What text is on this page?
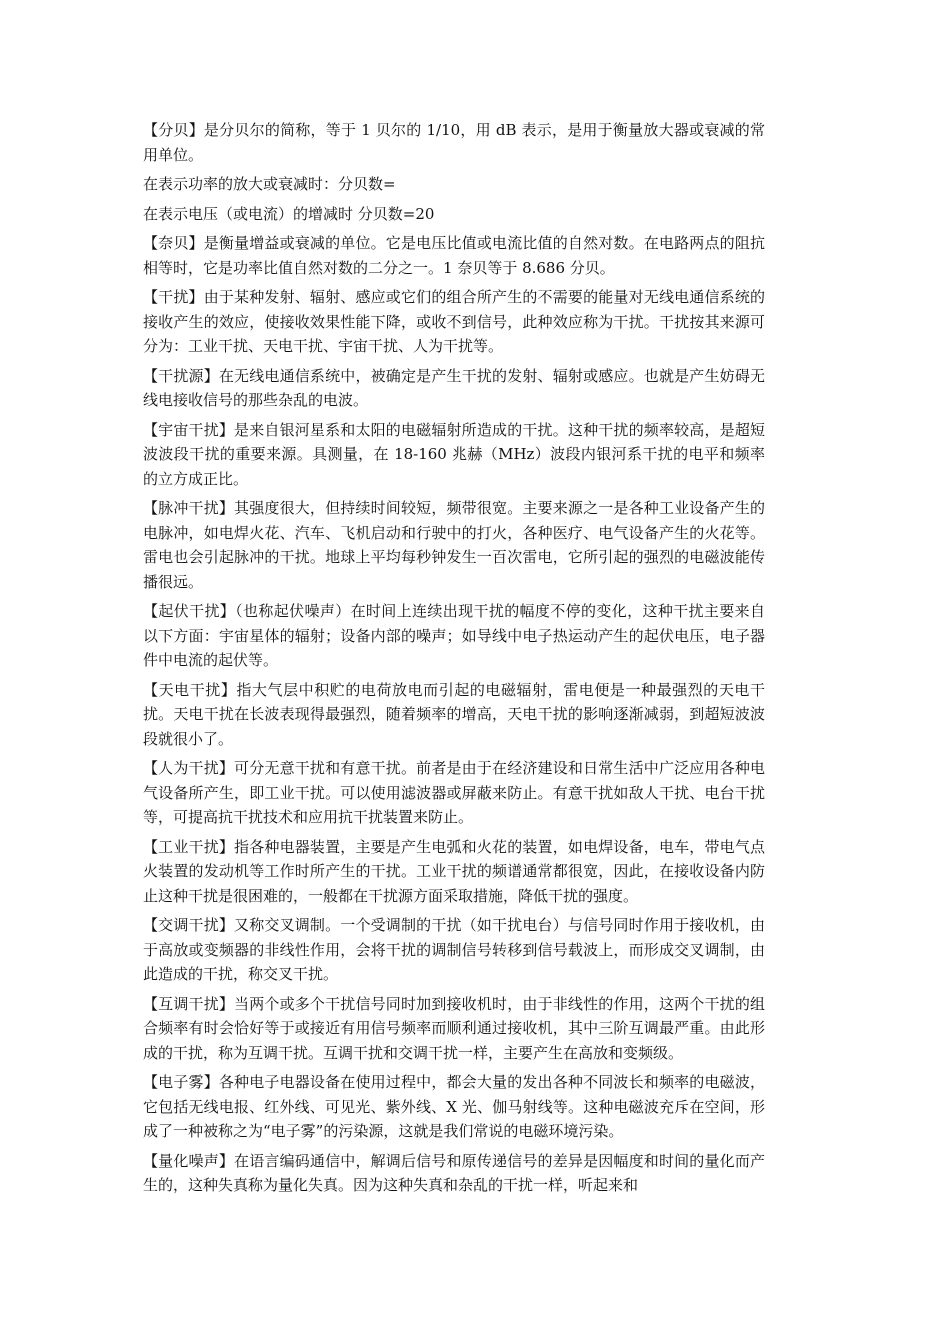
【分贝】是分贝尔的简称，等于 1 贝尔的 1/10，用 dB 表示，是用于衡量放大器或衰减的常用单位。

在表示功率的放大或衰减时：分贝数=

在表示电压（或电流）的增减时 分贝数=20

【奈贝】是衡量增益或衰减的单位。它是电压比值或电流比值的自然对数。在电路两点的阻抗相等时，它是功率比值自然对数的二分之一。1 奈贝等于 8.686 分贝。

【干扰】由于某种发射、辐射、感应或它们的组合所产生的不需要的能量对无线电通信系统的接收产生的效应，使接收效果性能下降，或收不到信号，此种效应称为干扰。干扰按其来源可分为：工业干扰、天电干扰、宇宙干扰、人为干扰等。

【干扰源】在无线电通信系统中，被确定是产生干扰的发射、辐射或感应。也就是产生妨碍无线电接收信号的那些杂乱的电波。

【宇宙干扰】是来自银河星系和太阳的电磁辐射所造成的干扰。这种干扰的频率较高，是超短波波段干扰的重要来源。具测量，在 18-160 兆赫（MHz）波段内银河系干扰的电平和频率的立方成正比。

【脉冲干扰】其强度很大，但持续时间较短，频带很宽。主要来源之一是各种工业设备产生的电脉冲，如电焊火花、汽车、飞机启动和行驶中的打火，各种医疗、电气设备产生的火花等。雷电也会引起脉冲的干扰。地球上平均每秒钟发生一百次雷电，它所引起的强烈的电磁波能传播很远。

【起伏干扰】（也称起伏噪声）在时间上连续出现干扰的幅度不停的变化，这种干扰主要来自以下方面：宇宙星体的辐射；设备内部的噪声；如导线中电子热运动产生的起伏电压，电子器件中电流的起伏等。

【天电干扰】指大气层中积贮的电荷放电而引起的电磁辐射，雷电便是一种最强烈的天电干扰。天电干扰在长波表现得最强烈，随着频率的增高，天电干扰的影响逐渐减弱，到超短波波段就很小了。

【人为干扰】可分无意干扰和有意干扰。前者是由于在经济建设和日常生活中广泛应用各种电气设备所产生，即工业干扰。可以使用滤波器或屏蔽来防止。有意干扰如敌人干扰、电台干扰等，可提高抗干扰技术和应用抗干扰装置来防止。

【工业干扰】指各种电器装置，主要是产生电弧和火花的装置，如电焊设备，电车，带电气点火装置的发动机等工作时所产生的干扰。工业干扰的频谱通常都很宽，因此，在接收设备内防止这种干扰是很困难的，一般都在干扰源方面采取措施，降低干扰的强度。

【交调干扰】又称交叉调制。一个受调制的干扰（如干扰电台）与信号同时作用于接收机，由于高放或变频器的非线性作用，会将干扰的调制信号转移到信号载波上，而形成交叉调制，由此造成的干扰，称交叉干扰。

【互调干扰】当两个或多个干扰信号同时加到接收机时，由于非线性的作用，这两个干扰的组合频率有时会恰好等于或接近有用信号频率而顺利通过接收机，其中三阶互调最严重。由此形成的干扰，称为互调干扰。互调干扰和交调干扰一样，主要产生在高放和变频级。

【电子雾】各种电子电器设备在使用过程中，都会大量的发出各种不同波长和频率的电磁波，它包括无线电报、红外线、可见光、紫外线、X 光、伽马射线等。这种电磁波充斥在空间，形成了一种被称之为“电子雾”的污染源，这就是我们常说的电磁环境污染。

【量化噪声】在语言编码通信中，解调后信号和原传递信号的差异是因幅度和时间的量化而产生的，这种失真称为量化失真。因为这种失真和杂乱的干扰一样，听起来和
